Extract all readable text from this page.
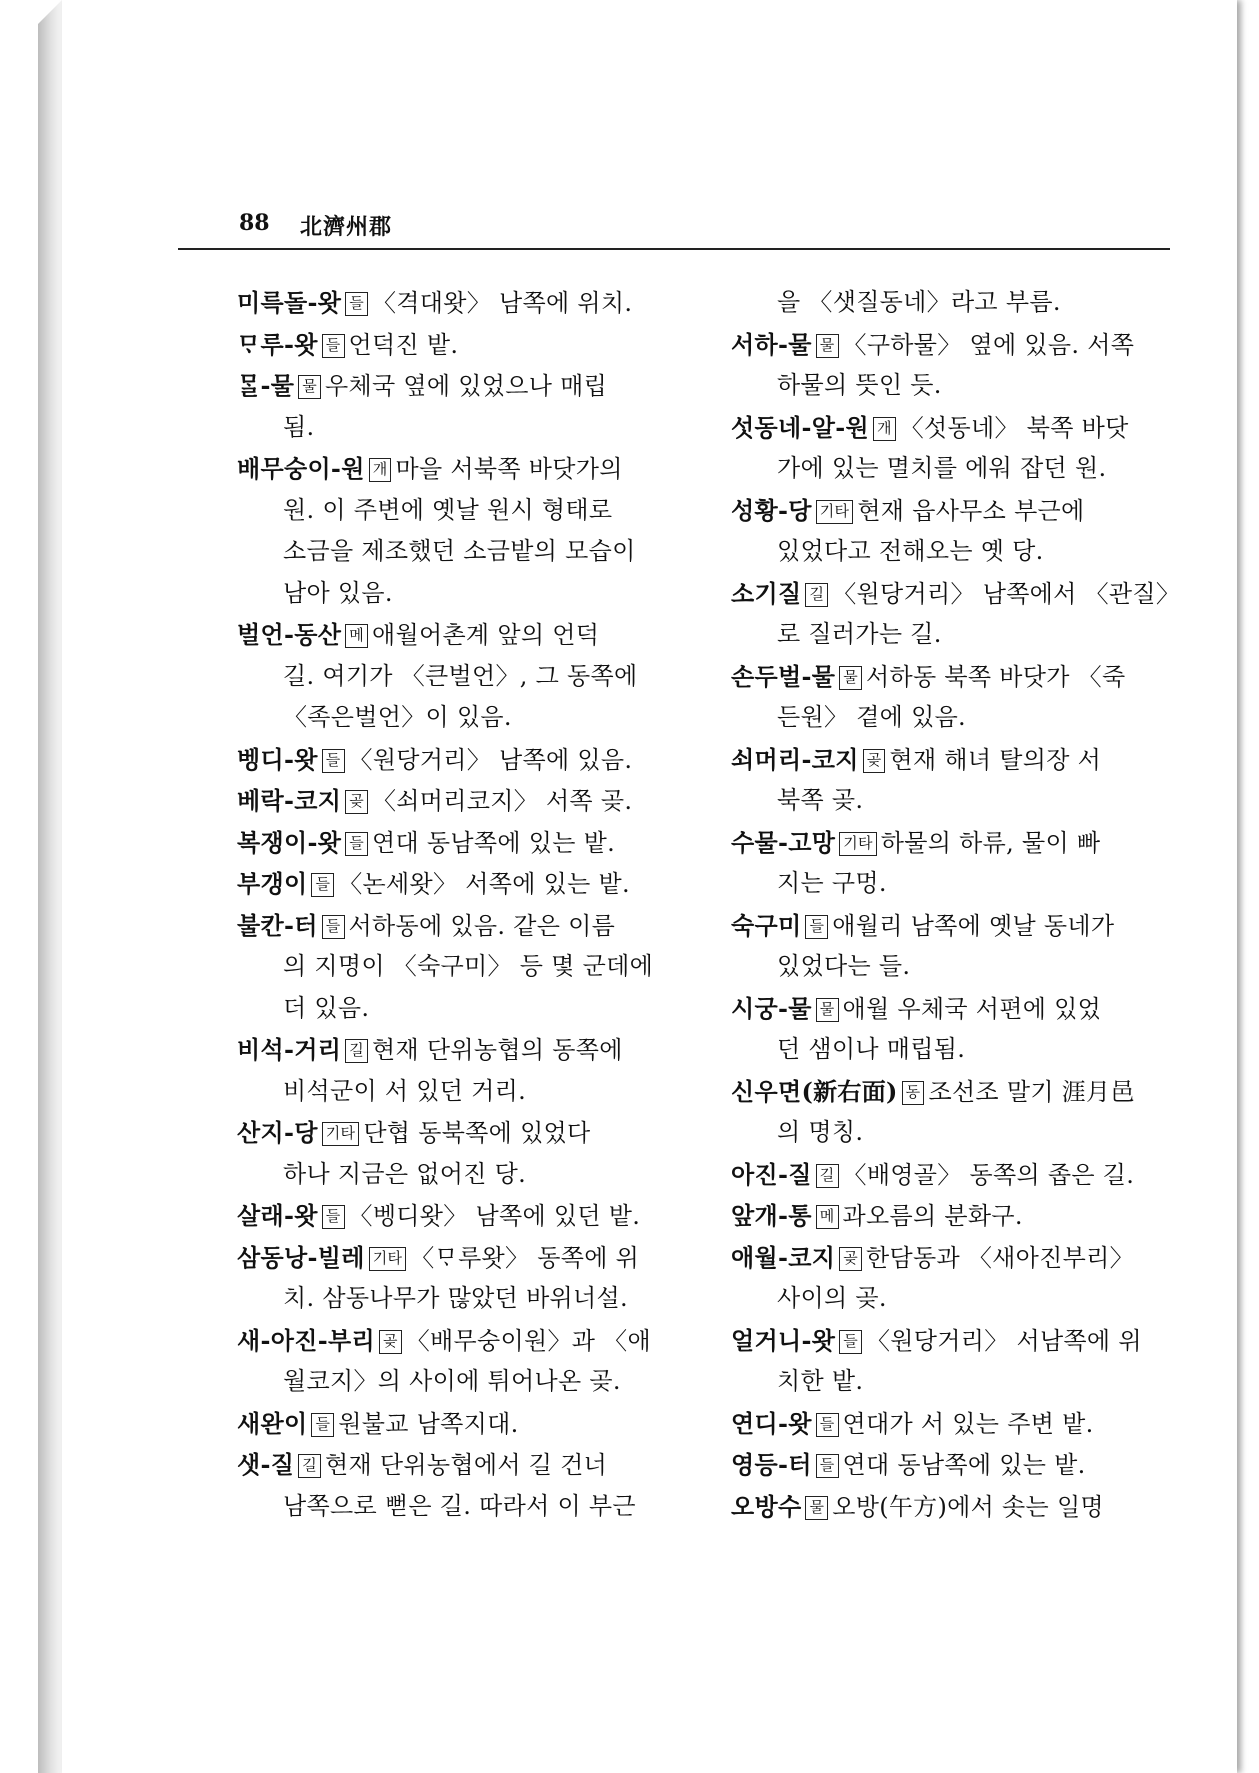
88 北濟州郡
미륵돌-왓 들 〈격대왓〉 남쪽에 위치.
ᄆᆞ루-왓 들 언덕진 밭.
ᄆᆞᆯ-물 물 우체국 옆에 있었으나 매립
됨.
배무숭이-원 개 마을 서북쪽 바닷가의
원. 이 주변에 옛날 원시 형태로
소금을 제조했던 소금밭의 모습이
남아 있음.
벌언-동산 메 애월어촌계 앞의 언덕
길. 여기가 〈큰벌언〉, 그 동쪽에
〈족은벌언〉이 있음.
벵디-왓 들 〈원당거리〉 남쪽에 있음.
베락-코지 곶 〈쇠머리코지〉 서쪽 곶.
복쟁이-왓 들 연대 동남쪽에 있는 밭.
부갱이 들 〈논세왓〉 서쪽에 있는 밭.
불칸-터 들 서하동에 있음. 같은 이름
의 지명이 〈숙구미〉 등 몇 군데에
더 있음.
비석-거리 길 현재 단위농협의 동쪽에
비석군이 서 있던 거리.
산지-당 기타 단협 동북쪽에 있었다
하나 지금은 없어진 당.
살래-왓 들 〈벵디왓〉 남쪽에 있던 밭.
삼동낭-빌레 기타 〈ᄆᆞ루왓〉 동쪽에 위
치. 삼동나무가 많았던 바위너설.
새-아진-부리 곶 〈배무숭이원〉과 〈애
월코지〉의 사이에 튀어나온 곶.
새완이 들 원불교 남쪽지대.
샛-질 길 현재 단위농협에서 길 건너
남쪽으로 뻗은 길. 따라서 이 부근
을 〈샛질동네〉라고 부름.
서하-물 물 〈구하물〉 옆에 있음. 서쪽
하물의 뜻인 듯.
섯동네-알-원 개 〈섯동네〉 북쪽 바닷
가에 있는 멸치를 에워 잡던 원.
성황-당 기타 현재 읍사무소 부근에
있었다고 전해오는 옛 당.
소기질 길 〈원당거리〉 남쪽에서 〈관질〉
로 질러가는 길.
손두벌-물 물 서하동 북쪽 바닷가 〈죽
든원〉 곁에 있음.
쇠머리-코지 곶 현재 해녀 탈의장 서
북쪽 곶.
수물-고망 기타 하물의 하류, 물이 빠
지는 구멍.
숙구미 들 애월리 남쪽에 옛날 동네가
있었다는 들.
시궁-물 물 애월 우체국 서편에 있었
던 샘이나 매립됨.
신우면(新右面) 동 조선조 말기 涯月邑
의 명칭.
아진-질 길 〈배영골〉 동쪽의 좁은 길.
앞개-통 메 과오름의 분화구.
애월-코지 곶 한담동과 〈새아진부리〉
사이의 곶.
얼거니-왓 들 〈원당거리〉 서남쪽에 위
치한 밭.
연디-왓 들 연대가 서 있는 주변 밭.
영등-터 들 연대 동남쪽에 있는 밭.
오방수 물 오방(午方)에서 솟는 일명
